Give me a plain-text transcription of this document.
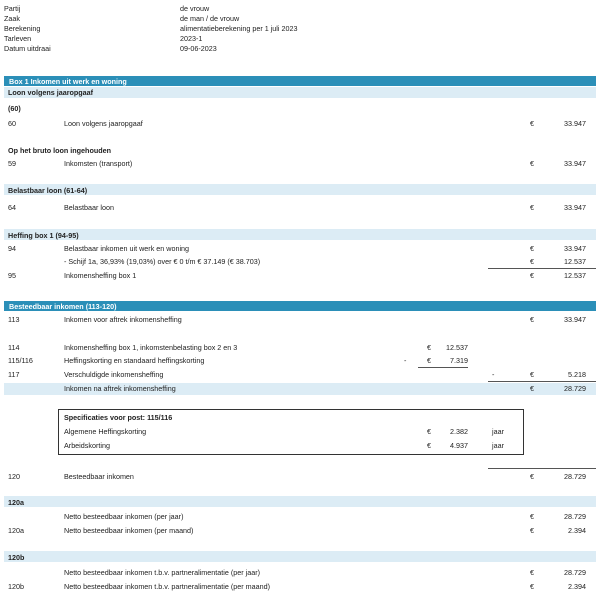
Partij	de vrouw
Zaak	de man / de vrouw
Berekening	alimentatieberekening per 1 juli 2023
Tarleven	2023-1
Datum uitdraai	09-06-2023
Box 1 Inkomen uit werk en woning
Loon volgens jaaropgaaf
(60)
60	Loon volgens jaaropgaaf	€	33.947
Op het bruto loon ingehouden
59	Inkomsten (transport)	€	33.947
Belastbaar loon (61-64)
64	Belastbaar loon	€	33.947
Heffing box 1 (94-95)
94	Belastbaar inkomen uit werk en woning	€	33.947
- Schijf 1a, 36,93% (19,03%) over € 0 t/m € 37.149 (€ 38.703)	€	12.537
95	Inkomensheffing box 1	€	12.537
Besteedbaar inkomen (113-120)
113	Inkomen voor aftrek inkomensheffing	€	33.947
114	Inkomensheffing box 1, inkomstenbelasting box 2 en 3	€ 12.537
115/116	Heffingskorting en standaard heffingskorting	-	€	7.319
117	Verschuldigde inkomensheffing	-	€	5.218
Inkomen na aftrek inkomensheffing	€	28.729
Specificaties voor post: 115/116
Algemene Heffingskorting	€	2.382	jaar
Arbeidskorting	€	4.937	jaar
120	Besteedbaar inkomen	€	28.729
120a
Netto besteedbaar inkomen (per jaar)	€	28.729
120a	Netto besteedbaar inkomen (per maand)	€	2.394
120b
Netto besteedbaar inkomen t.b.v. partneralimentatie (per jaar)	€	28.729
120b	Netto besteedbaar inkomen t.b.v. partneralimentatie (per maand)	€	2.394
